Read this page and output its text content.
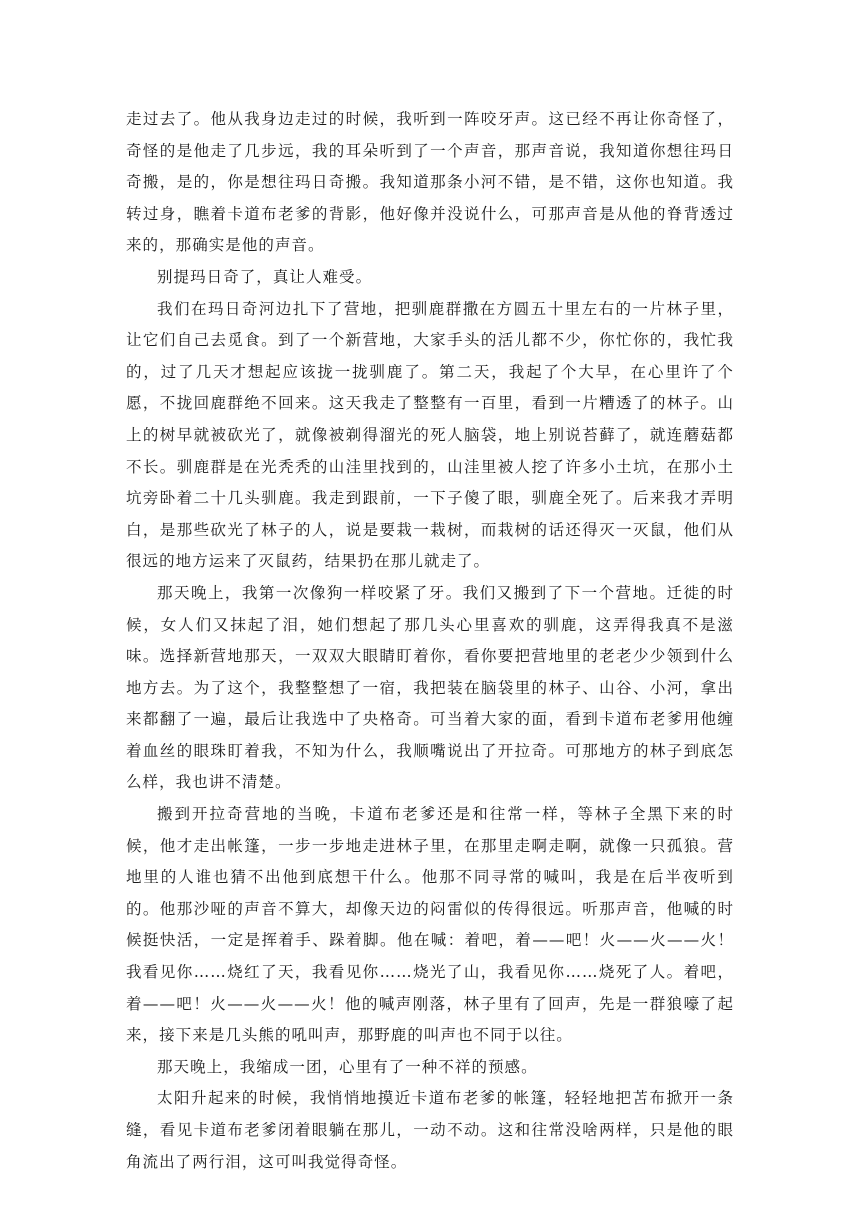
走过去了。他从我身边走过的时候，我听到一阵咬牙声。这已经不再让你奇怪了，奇怪的是他走了几步远，我的耳朵听到了一个声音，那声音说，我知道你想往玛日奇搬，是的，你是想往玛日奇搬。我知道那条小河不错，是不错，这你也知道。我转过身，瞧着卡道布老爹的背影，他好像并没说什么，可那声音是从他的脊背透过来的，那确实是他的声音。

别提玛日奇了，真让人难受。

我们在玛日奇河边扎下了营地，把驯鹿群撒在方圆五十里左右的一片林子里，让它们自己去觅食。到了一个新营地，大家手头的活儿都不少，你忙你的，我忙我的，过了几天才想起应该拢一拢驯鹿了。第二天，我起了个大早，在心里许了个愿，不拢回鹿群绝不回来。这天我走了整整有一百里，看到一片糟透了的林子。山上的树早就被砍光了，就像被剃得溜光的死人脑袋，地上别说苔藓了，就连蘑菇都不长。驯鹿群是在光秃秃的山洼里找到的，山洼里被人挖了许多小土坑，在那小土坑旁卧着二十几头驯鹿。我走到跟前，一下子傻了眼，驯鹿全死了。后来我才弄明白，是那些砍光了林子的人，说是要栽一栽树，而栽树的话还得灭一灭鼠，他们从很远的地方运来了灭鼠药，结果扔在那儿就走了。

那天晚上，我第一次像狗一样咬紧了牙。我们又搬到了下一个营地。迁徙的时候，女人们又抹起了泪，她们想起了那几头心里喜欢的驯鹿，这弄得我真不是滋味。选择新营地那天，一双双大眼睛盯着你，看你要把营地里的老老少少领到什么地方去。为了这个，我整整想了一宿，我把装在脑袋里的林子、山谷、小河，拿出来都翻了一遍，最后让我选中了央格奇。可当着大家的面，看到卡道布老爹用他缠着血丝的眼珠盯着我，不知为什么，我顺嘴说出了开拉奇。可那地方的林子到底怎么样，我也讲不清楚。

搬到开拉奇营地的当晚，卡道布老爹还是和往常一样，等林子全黑下来的时候，他才走出帐篷，一步一步地走进林子里，在那里走啊走啊，就像一只孤狼。营地里的人谁也猜不出他到底想干什么。他那不同寻常的喊叫，我是在后半夜听到的。他那沙哑的声音不算大，却像天边的闷雷似的传得很远。听那声音，他喊的时候挺快活，一定是挥着手、跺着脚。他在喊：着吧，着——吧！火——火——火！我看见你……烧红了天，我看见你……烧光了山，我看见你……烧死了人。着吧，着——吧！火——火——火！他的喊声刚落，林子里有了回声，先是一群狼嚎了起来，接下来是几头熊的吼叫声，那野鹿的叫声也不同于以往。

那天晚上，我缩成一团，心里有了一种不祥的预感。

太阳升起来的时候，我悄悄地摸近卡道布老爹的帐篷，轻轻地把苫布掀开一条缝，看见卡道布老爹闭着眼躺在那儿，一动不动。这和往常没啥两样，只是他的眼角流出了两行泪，这可叫我觉得奇怪。
